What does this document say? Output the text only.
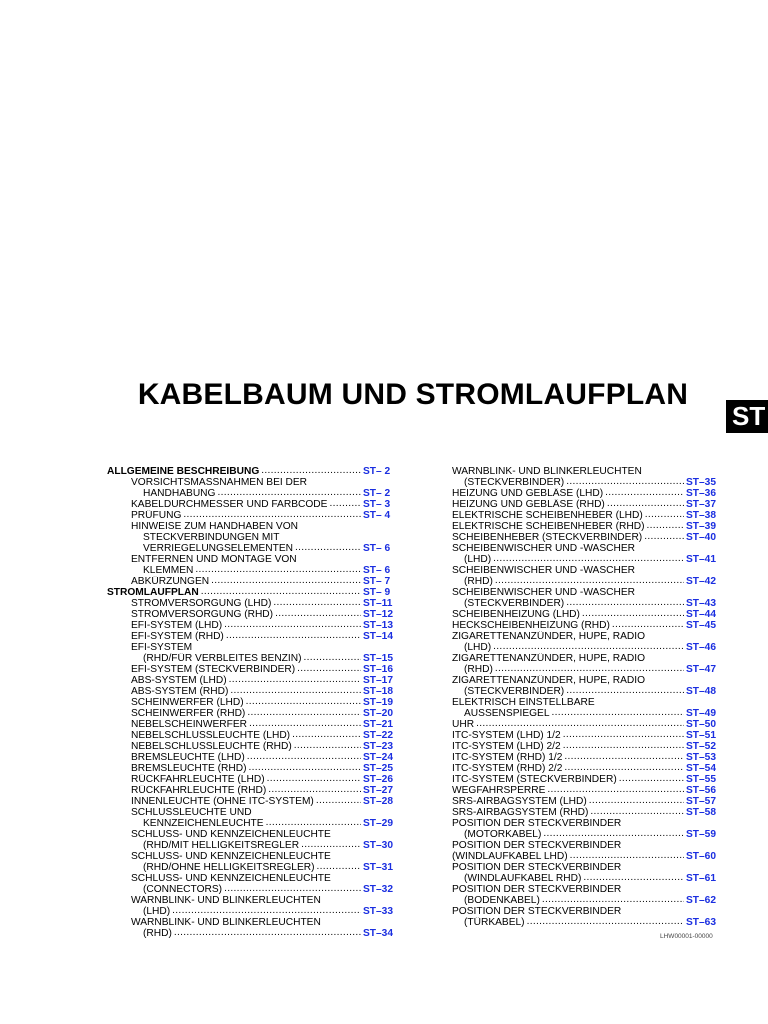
KABELBAUM UND STROMLAUFPLAN
ST
ALLGEMEINE BESCHREIBUNG .....	ST– 2
VORSICHTSMASSNAHMEN BEI DER
HANDHABUNG .....	ST– 2
KABELDURCHMESSER UND FARBCODE .....	ST– 3
PRÜFUNG .....	ST– 4
HINWEISE ZUM HANDHABEN VON
STECKVERBINDUNGEN MIT
VERRIEGELUNGSELEMENTEN .....	ST– 6
ENTFERNEN UND MONTAGE VON
KLEMMEN .....	ST– 6
ABKÜRZUNGEN .....	ST– 7
STROMLAUFPLAN .....	ST– 9
STROMVERSORGUNG (LHD) .....	ST–11
STROMVERSORGUNG (RHD) .....	ST–12
EFI-SYSTEM (LHD) .....	ST–13
EFI-SYSTEM (RHD) .....	ST–14
EFI-SYSTEM
(RHD/FÜR VERBLEITES BENZIN) .....	ST–15
EFI-SYSTEM (STECKVERBINDER) .....	ST–16
ABS-SYSTEM (LHD) .....	ST–17
ABS-SYSTEM (RHD) .....	ST–18
SCHEINWERFER (LHD) .....	ST–19
SCHEINWERFER (RHD) .....	ST–20
NEBELSCHEINWERFER .....	ST–21
NEBELSCHLUSSLEUCHTE (LHD) .....	ST–22
NEBELSCHLUSSLEUCHTE (RHD) .....	ST–23
BREMSLEUCHTE (LHD) .....	ST–24
BREMSLEUCHTE (RHD) .....	ST–25
RÜCKFAHRLEUCHTE (LHD) .....	ST–26
RÜCKFAHRLEUCHTE (RHD) .....	ST–27
INNENLEUCHTE (OHNE ITC-SYSTEM) .....	ST–28
SCHLUSSLEUCHTE UND
KENNZEICHENLEUCHTE .....	ST–29
SCHLUSS- UND KENNZEICHENLEUCHTE
(RHD/MIT HELLIGKEITSREGLER .....	ST–30
SCHLUSS- UND KENNZEICHENLEUCHTE
(RHD/OHNE HELLIGKEITSREGLER) .....	ST–31
SCHLUSS- UND KENNZEICHENLEUCHTE
(CONNECTORS) .....	ST–32
WARNBLINK- UND BLINKERLEUCHTEN
(LHD) .....	ST–33
WARNBLINK- UND BLINKERLEUCHTEN
(RHD) .....	ST–34
WARNBLINK- UND BLINKERLEUCHTEN
(STECKVERBINDER) .....	ST–35
HEIZUNG UND GEBLÄSE (LHD) .....	ST–36
HEIZUNG UND GEBLÄSE (RHD) .....	ST–37
ELEKTRISCHE SCHEIBENHEBER (LHD) .....	ST–38
ELEKTRISCHE SCHEIBENHEBER (RHD) .....	ST–39
SCHEIBENHEBER (STECKVERBINDER) .....	ST–40
SCHEIBENWISCHER UND -WASCHER
(LHD) .....	ST–41
SCHEIBENWISCHER UND -WASCHER
(RHD) .....	ST–42
SCHEIBENWISCHER UND -WASCHER
(STECKVERBINDER) .....	ST–43
SCHEIBENHEIZUNG (LHD) .....	ST–44
HECKSCHEIBENHEIZUNG (RHD) .....	ST–45
ZIGARETTENANZÜNDER, HUPE, RADIO
(LHD) .....	ST–46
ZIGARETTENANZÜNDER, HUPE, RADIO
(RHD) .....	ST–47
ZIGARETTENANZÜNDER, HUPE, RADIO
(STECKVERBINDER) .....	ST–48
ELEKTRISCH EINSTELLBARE
AUSSENSPIEGEL .....	ST–49
UHR .....	ST–50
ITC-SYSTEM (LHD) 1/2 .....	ST–51
ITC-SYSTEM (LHD) 2/2 .....	ST–52
ITC-SYSTEM (RHD) 1/2 .....	ST–53
ITC-SYSTEM (RHD) 2/2 .....	ST–54
ITC-SYSTEM (STECKVERBINDER) .....	ST–55
WEGFAHRSPERRE .....	ST–56
SRS-AIRBAGSYSTEM (LHD) .....	ST–57
SRS-AIRBAGSYSTEM (RHD) .....	ST–58
POSITION DER STECKVERBINDER
(MOTORKABEL) .....	ST–59
POSITION DER STECKVERBINDER
(WINDLAUFKABEL LHD) .....	ST–60
POSITION DER STECKVERBINDER
(WINDLAUFKABEL RHD) .....	ST–61
POSITION DER STECKVERBINDER
(BODENKABEL) .....	ST–62
POSITION DER STECKVERBINDER
(TÜRKABEL) .....	ST–63
LHW00001-00000
